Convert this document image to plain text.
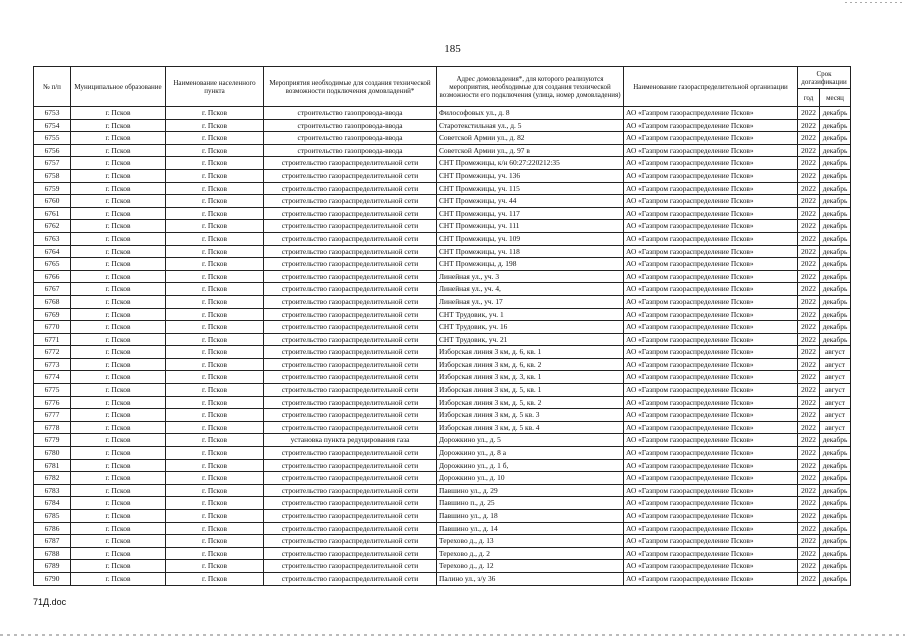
185
№ п/п	Муниципальное образование	Наименование населенного пункта	Мероприятия необходимые для создания технической возможности подключения домовладений*	Адрес домовладения*, для которого реализуются мероприятия, необходимые для создания технической возможности его подключения (улица, номер домовладения)	Наименование газораспределительной организации	Срок догазификации	
						год	месяц
6753	г. Псков	г. Псков	строительство газопровода-ввода	Философовых ул., д. 8	АО «Газпром газораспределение Псков»	2022	декабрь
6754	г. Псков	г. Псков	строительство газопровода-ввода	Старотекстильная ул., д. 5	АО «Газпром газораспределение Псков»	2022	декабрь
6755	г. Псков	г. Псков	строительство газопровода-ввода	Советской Армии ул., д. 82	АО «Газпром газораспределение Псков»	2022	декабрь
6756	г. Псков	г. Псков	строительство газопровода-ввода	Советской Армии ул., д. 97 в	АО «Газпром газораспределение Псков»	2022	декабрь
6757	г. Псков	г. Псков	строительство газораспределительной сети	СНТ Промежицы, к/н 60:27:220212:35	АО «Газпром газораспределение Псков»	2022	декабрь
6758	г. Псков	г. Псков	строительство газораспределительной сети	СНТ Промежицы, уч. 136	АО «Газпром газораспределение Псков»	2022	декабрь
6759	г. Псков	г. Псков	строительство газораспределительной сети	СНТ Промежицы, уч. 115	АО «Газпром газораспределение Псков»	2022	декабрь
6760	г. Псков	г. Псков	строительство газораспределительной сети	СНТ Промежицы, уч. 44	АО «Газпром газораспределение Псков»	2022	декабрь
6761	г. Псков	г. Псков	строительство газораспределительной сети	СНТ Промежицы, уч. 117	АО «Газпром газораспределение Псков»	2022	декабрь
6762	г. Псков	г. Псков	строительство газораспределительной сети	СНТ Промежицы, уч. 111	АО «Газпром газораспределение Псков»	2022	декабрь
6763	г. Псков	г. Псков	строительство газораспределительной сети	СНТ Промежицы, уч. 109	АО «Газпром газораспределение Псков»	2022	декабрь
6764	г. Псков	г. Псков	строительство газораспределительной сети	СНТ Промежицы, уч. 118	АО «Газпром газораспределение Псков»	2022	декабрь
6765	г. Псков	г. Псков	строительство газораспределительной сети	СНТ Промежицы, д. 198	АО «Газпром газораспределение Псков»	2022	декабрь
6766	г. Псков	г. Псков	строительство газораспределительной сети	Линейная ул., уч. 3	АО «Газпром газораспределение Псков»	2022	декабрь
6767	г. Псков	г. Псков	строительство газораспределительной сети	Линейная ул., уч. 4,	АО «Газпром газораспределение Псков»	2022	декабрь
6768	г. Псков	г. Псков	строительство газораспределительной сети	Линейная ул., уч. 17	АО «Газпром газораспределение Псков»	2022	декабрь
6769	г. Псков	г. Псков	строительство газораспределительной сети	СНТ Трудовик, уч. 1	АО «Газпром газораспределение Псков»	2022	декабрь
6770	г. Псков	г. Псков	строительство газораспределительной сети	СНТ Трудовик, уч. 16	АО «Газпром газораспределение Псков»	2022	декабрь
6771	г. Псков	г. Псков	строительство газораспределительной сети	СНТ Трудовик, уч. 21	АО «Газпром газораспределение Псков»	2022	декабрь
6772	г. Псков	г. Псков	строительство газораспределительной сети	Изборская линия 3 км, д. 6, кв. 1	АО «Газпром газораспределение Псков»	2022	август
6773	г. Псков	г. Псков	строительство газораспределительной сети	Изборская линия 3 км, д. 6, кв. 2	АО «Газпром газораспределение Псков»	2022	август
6774	г. Псков	г. Псков	строительство газораспределительной сети	Изборская линия 3 км, д. 3, кв. 1	АО «Газпром газораспределение Псков»	2022	август
6775	г. Псков	г. Псков	строительство газораспределительной сети	Изборская линия 3 км, д. 5, кв. 1	АО «Газпром газораспределение Псков»	2022	август
6776	г. Псков	г. Псков	строительство газораспределительной сети	Изборская линия 3 км, д. 5, кв. 2	АО «Газпром газораспределение Псков»	2022	август
6777	г. Псков	г. Псков	строительство газораспределительной сети	Изборская линия 3 км, д. 5 кв. 3	АО «Газпром газораспределение Псков»	2022	август
6778	г. Псков	г. Псков	строительство газораспределительной сети	Изборская линия 3 км, д. 5 кв. 4	АО «Газпром газораспределение Псков»	2022	август
6779	г. Псков	г. Псков	установка пункта редуцирования газа	Дорожкино ул., д. 5	АО «Газпром газораспределение Псков»	2022	декабрь
6780	г. Псков	г. Псков	строительство газораспределительной сети	Дорожкино ул., д. 8 а	АО «Газпром газораспределение Псков»	2022	декабрь
6781	г. Псков	г. Псков	строительство газораспределительной сети	Дорожкино ул., д. 1 б,	АО «Газпром газораспределение Псков»	2022	декабрь
6782	г. Псков	г. Псков	строительство газораспределительной сети	Дорожкино ул., д. 10	АО «Газпром газораспределение Псков»	2022	декабрь
6783	г. Псков	г. Псков	строительство газораспределительной сети	Павшино ул., д. 29	АО «Газпром газораспределение Псков»	2022	декабрь
6784	г. Псков	г. Псков	строительство газораспределительной сети	Павшино п., д. 25	АО «Газпром газораспределение Псков»	2022	декабрь
6785	г. Псков	г. Псков	строительство газораспределительной сети	Павшино ул., д. 18	АО «Газпром газораспределение Псков»	2022	декабрь
6786	г. Псков	г. Псков	строительство газораспределительной сети	Павшино ул., д. 14	АО «Газпром газораспределение Псков»	2022	декабрь
6787	г. Псков	г. Псков	строительство газораспределительной сети	Терехово д., д. 13	АО «Газпром газораспределение Псков»	2022	декабрь
6788	г. Псков	г. Псков	строительство газораспределительной сети	Терехово д., д. 2	АО «Газпром газораспределение Псков»	2022	декабрь
6789	г. Псков	г. Псков	строительство газораспределительной сети	Терехово д., д. 12	АО «Газпром газораспределение Псков»	2022	декабрь
6790	г. Псков	г. Псков	строительство газораспределительной сети	Палино ул., з/у 36	АО «Газпром газораспределение Псков»	2022	декабрь
71Д.doc
